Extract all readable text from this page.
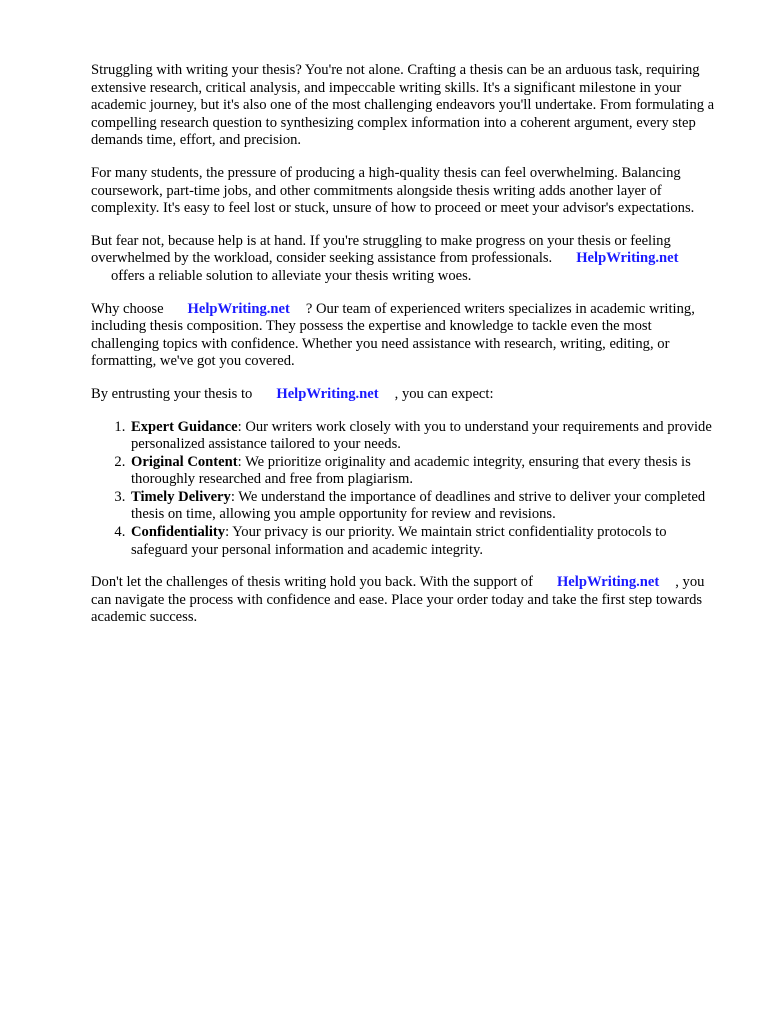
Struggling with writing your thesis? You're not alone. Crafting a thesis can be an arduous task, requiring extensive research, critical analysis, and impeccable writing skills. It's a significant milestone in your academic journey, but it's also one of the most challenging endeavors you'll undertake. From formulating a compelling research question to synthesizing complex information into a coherent argument, every step demands time, effort, and precision.

For many students, the pressure of producing a high-quality thesis can feel overwhelming. Balancing coursework, part-time jobs, and other commitments alongside thesis writing adds another layer of complexity. It's easy to feel lost or stuck, unsure of how to proceed or meet your advisor's expectations.

But fear not, because help is at hand. If you're struggling to make progress on your thesis or feeling overwhelmed by the workload, consider seeking assistance from professionals. HelpWriting.net
offers a reliable solution to alleviate your thesis writing woes.

Why choose HelpWriting.net ? Our team of experienced writers specializes in academic writing, including thesis composition. They possess the expertise and knowledge to tackle even the most challenging topics with confidence. Whether you need assistance with research, writing, editing, or formatting, we've got you covered.

By entrusting your thesis to HelpWriting.net , you can expect:

1. Expert Guidance: Our writers work closely with you to understand your requirements and provide personalized assistance tailored to your needs.
2. Original Content: We prioritize originality and academic integrity, ensuring that every thesis is thoroughly researched and free from plagiarism.
3. Timely Delivery: We understand the importance of deadlines and strive to deliver your completed thesis on time, allowing you ample opportunity for review and revisions.
4. Confidentiality: Your privacy is our priority. We maintain strict confidentiality protocols to safeguard your personal information and academic integrity.

Don't let the challenges of thesis writing hold you back. With the support of HelpWriting.net , you can navigate the process with confidence and ease. Place your order today and take the first step towards academic success.
